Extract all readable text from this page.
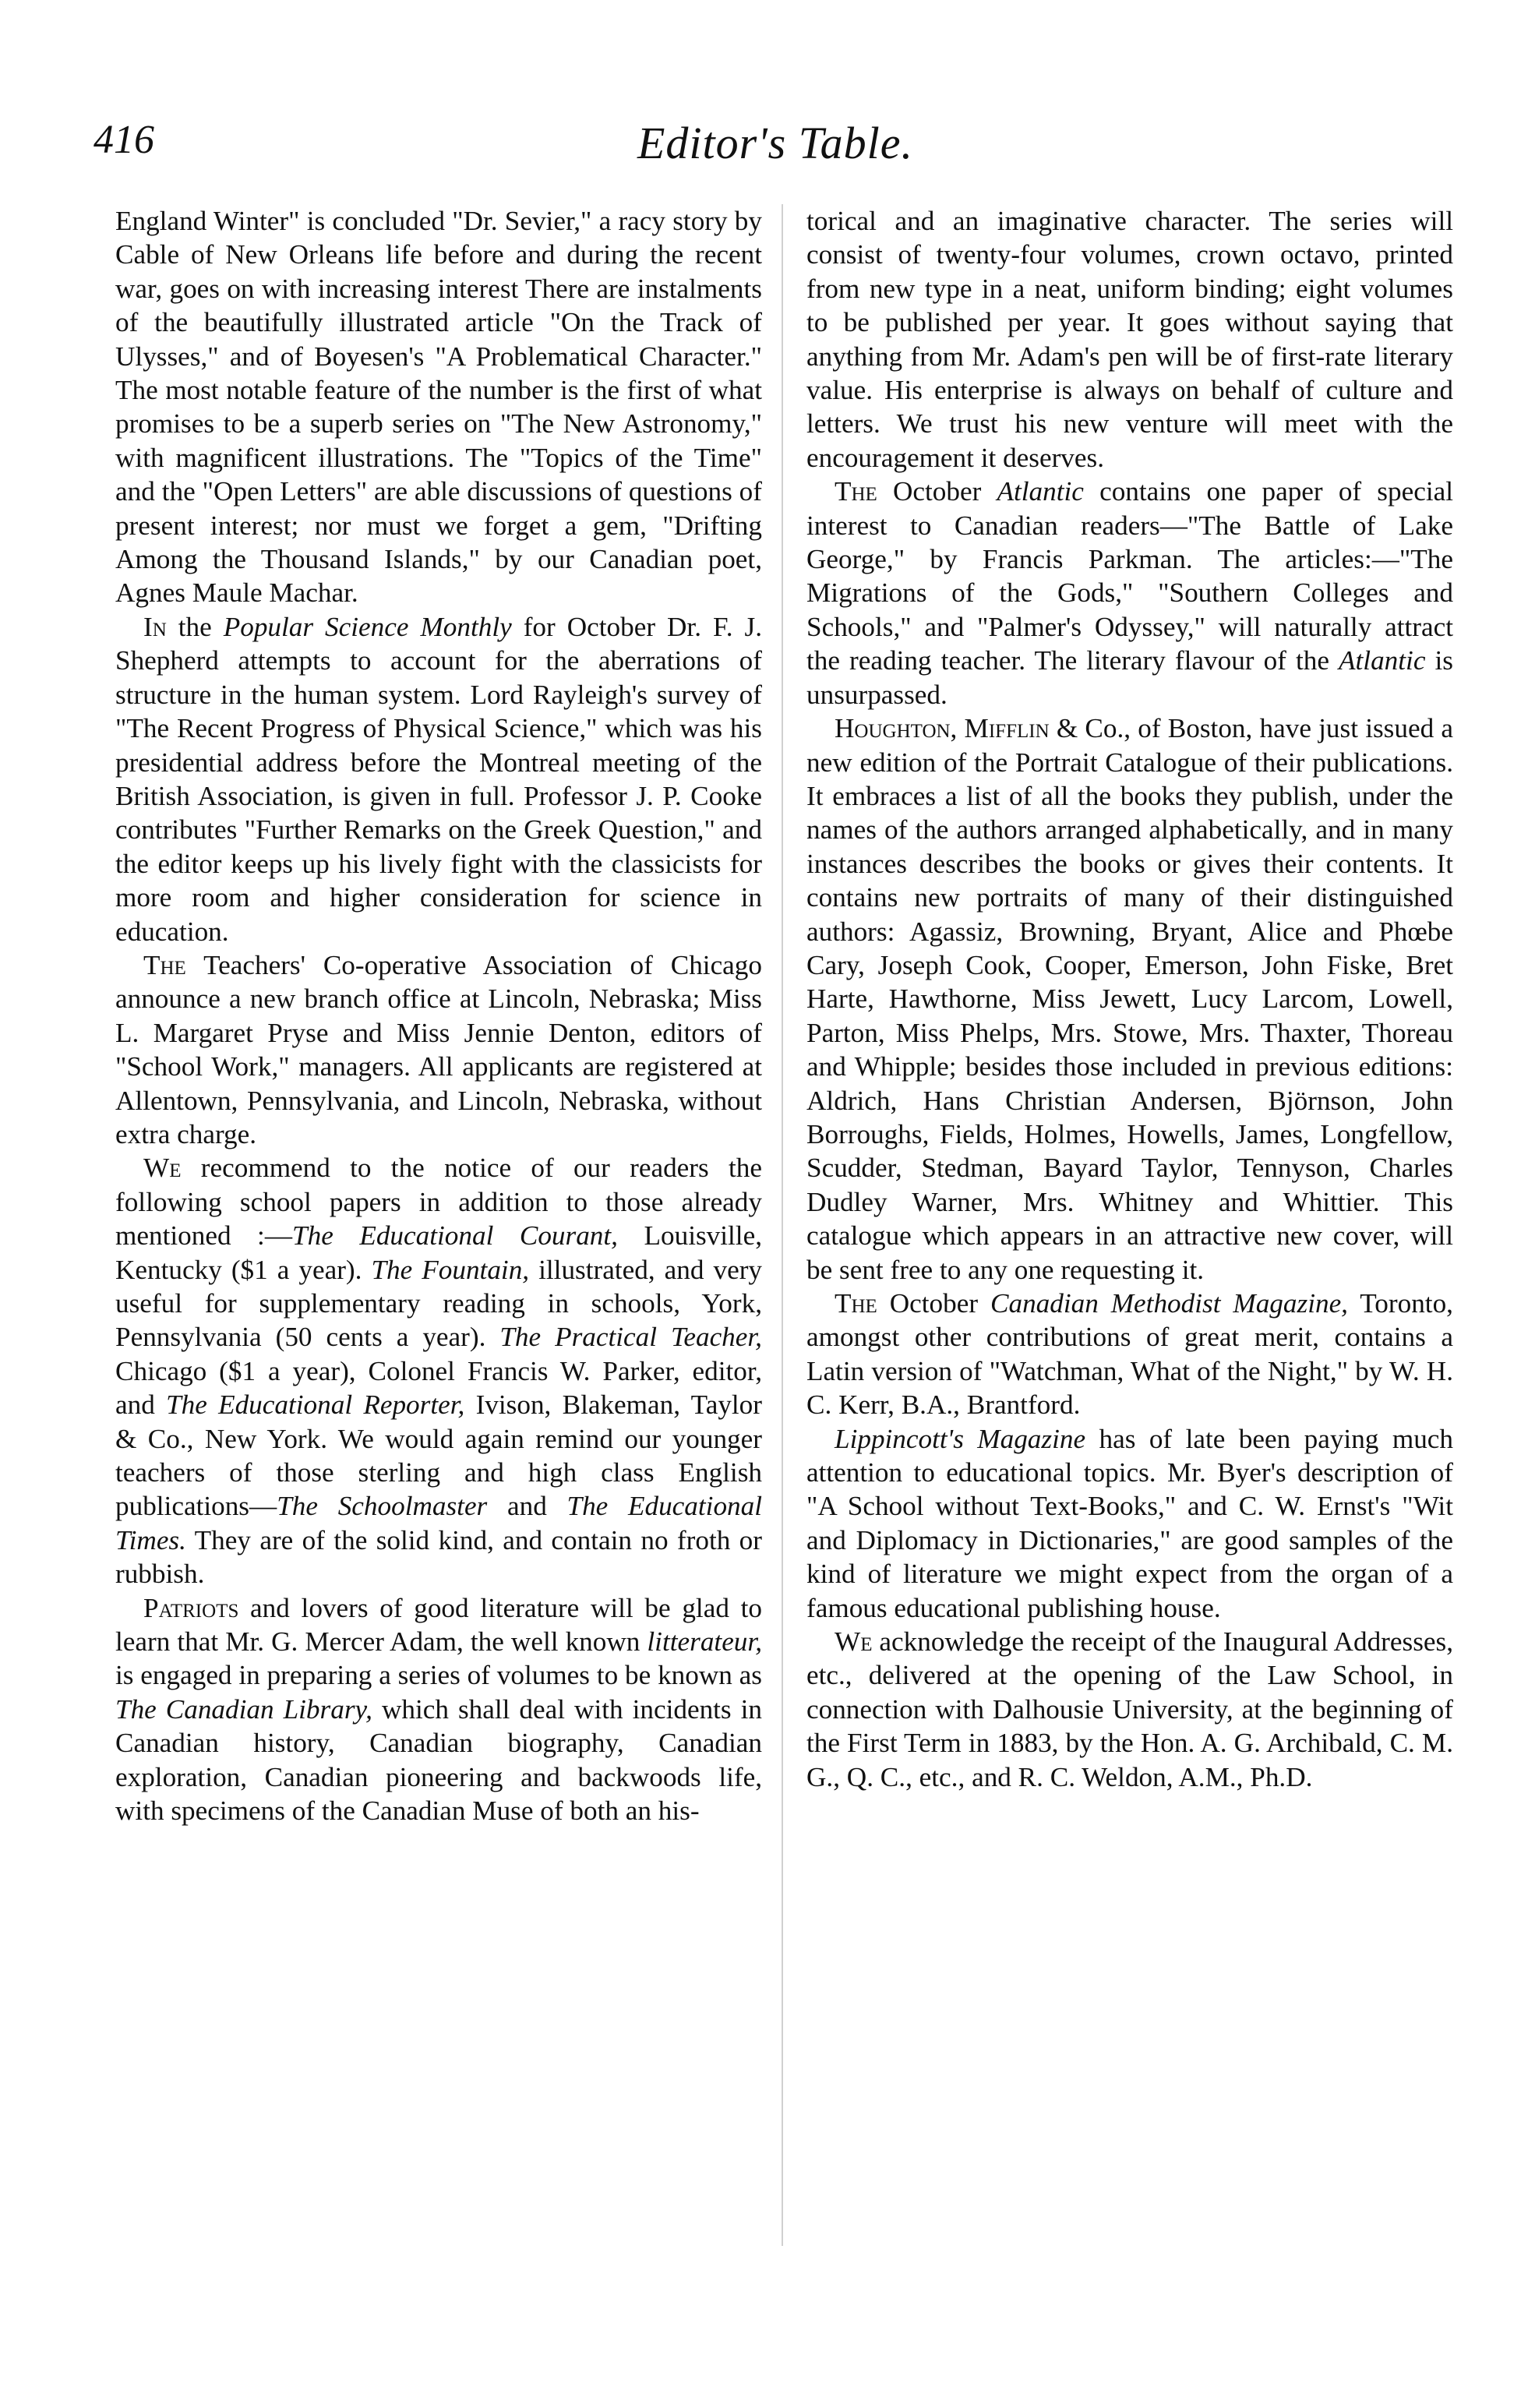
416	Editor's Table.

England Winter" is concluded "Dr. Sevier," a racy story by Cable of New Orleans life before and during the recent war, goes on with increasing interest There are instalments of the beautifully illustrated article "On the Track of Ulysses," and of Boyesen's "A Problematical Character." The most notable feature of the number is the first of what promises to be a superb series on "The New Astronomy," with magnificent illustrations. The "Topics of the Time" and the "Open Letters" are able discussions of questions of present interest; nor must we forget a gem, "Drifting Among the Thousand Islands," by our Canadian poet, Agnes Maule Machar.

In the Popular Science Monthly for October Dr. F. J. Shepherd attempts to account for the aberrations of structure in the human system. Lord Rayleigh's survey of "The Recent Progress of Physical Science," which was his presidential address before the Montreal meeting of the British Association, is given in full. Professor J. P. Cooke contributes "Further Remarks on the Greek Question," and the editor keeps up his lively fight with the classicists for more room and higher consideration for science in education.

The Teachers' Co-operative Association of Chicago announce a new branch office at Lincoln, Nebraska; Miss L. Margaret Pryse and Miss Jennie Denton, editors of "School Work," managers. All applicants are registered at Allentown, Pennsylvania, and Lincoln, Nebraska, without extra charge.

We recommend to the notice of our readers the following school papers in addition to those already mentioned :—The Educational Courant, Louisville, Kentucky ($1 a year). The Fountain, illustrated, and very useful for supplementary reading in schools, York, Pennsylvania (50 cents a year). The Practical Teacher, Chicago ($1 a year), Colonel Francis W. Parker, editor, and The Educational Reporter, Ivison, Blakeman, Taylor & Co., New York. We would again remind our younger teachers of those sterling and high class English publications—The Schoolmaster and The Educational Times. They are of the solid kind, and contain no froth or rubbish.

Patriots and lovers of good literature will be glad to learn that Mr. G. Mercer Adam, the well known litterateur, is engaged in preparing a series of volumes to be known as The Canadian Library, which shall deal with incidents in Canadian history, Canadian biography, Canadian exploration, Canadian pioneering and backwoods life, with specimens of the Canadian Muse of both an his-

torical and an imaginative character. The series will consist of twenty-four volumes, crown octavo, printed from new type in a neat, uniform binding; eight volumes to be published per year. It goes without saying that anything from Mr. Adam's pen will be of first-rate literary value. His enterprise is always on behalf of culture and letters. We trust his new venture will meet with the encouragement it deserves.

The October Atlantic contains one paper of special interest to Canadian readers—"The Battle of Lake George," by Francis Parkman. The articles:—"The Migrations of the Gods," "Southern Colleges and Schools," and "Palmer's Odyssey," will naturally attract the reading teacher. The literary flavour of the Atlantic is unsurpassed.

Houghton, Mifflin & Co., of Boston, have just issued a new edition of the Portrait Catalogue of their publications. It embraces a list of all the books they publish, under the names of the authors arranged alphabetically, and in many instances describes the books or gives their contents. It contains new portraits of many of their distinguished authors: Agassiz, Browning, Bryant, Alice and Phœbe Cary, Joseph Cook, Cooper, Emerson, John Fiske, Bret Harte, Hawthorne, Miss Jewett, Lucy Larcom, Lowell, Parton, Miss Phelps, Mrs. Stowe, Mrs. Thaxter, Thoreau and Whipple; besides those included in previous editions: Aldrich, Hans Christian Andersen, Björnson, John Borroughs, Fields, Holmes, Howells, James, Longfellow, Scudder, Stedman, Bayard Taylor, Tennyson, Charles Dudley Warner, Mrs. Whitney and Whittier. This catalogue which appears in an attractive new cover, will be sent free to any one requesting it.

The October Canadian Methodist Magazine, Toronto, amongst other contributions of great merit, contains a Latin version of "Watchman, What of the Night," by W. H. C. Kerr, B.A., Brantford.

Lippincott's Magazine has of late been paying much attention to educational topics. Mr. Byer's description of "A School without Text-Books," and C. W. Ernst's "Wit and Diplomacy in Dictionaries," are good samples of the kind of literature we might expect from the organ of a famous educational publishing house.

We acknowledge the receipt of the Inaugural Addresses, etc., delivered at the opening of the Law School, in connection with Dalhousie University, at the beginning of the First Term in 1883, by the Hon. A. G. Archibald, C. M. G., Q. C., etc., and R. C. Weldon, A.M., Ph.D.
